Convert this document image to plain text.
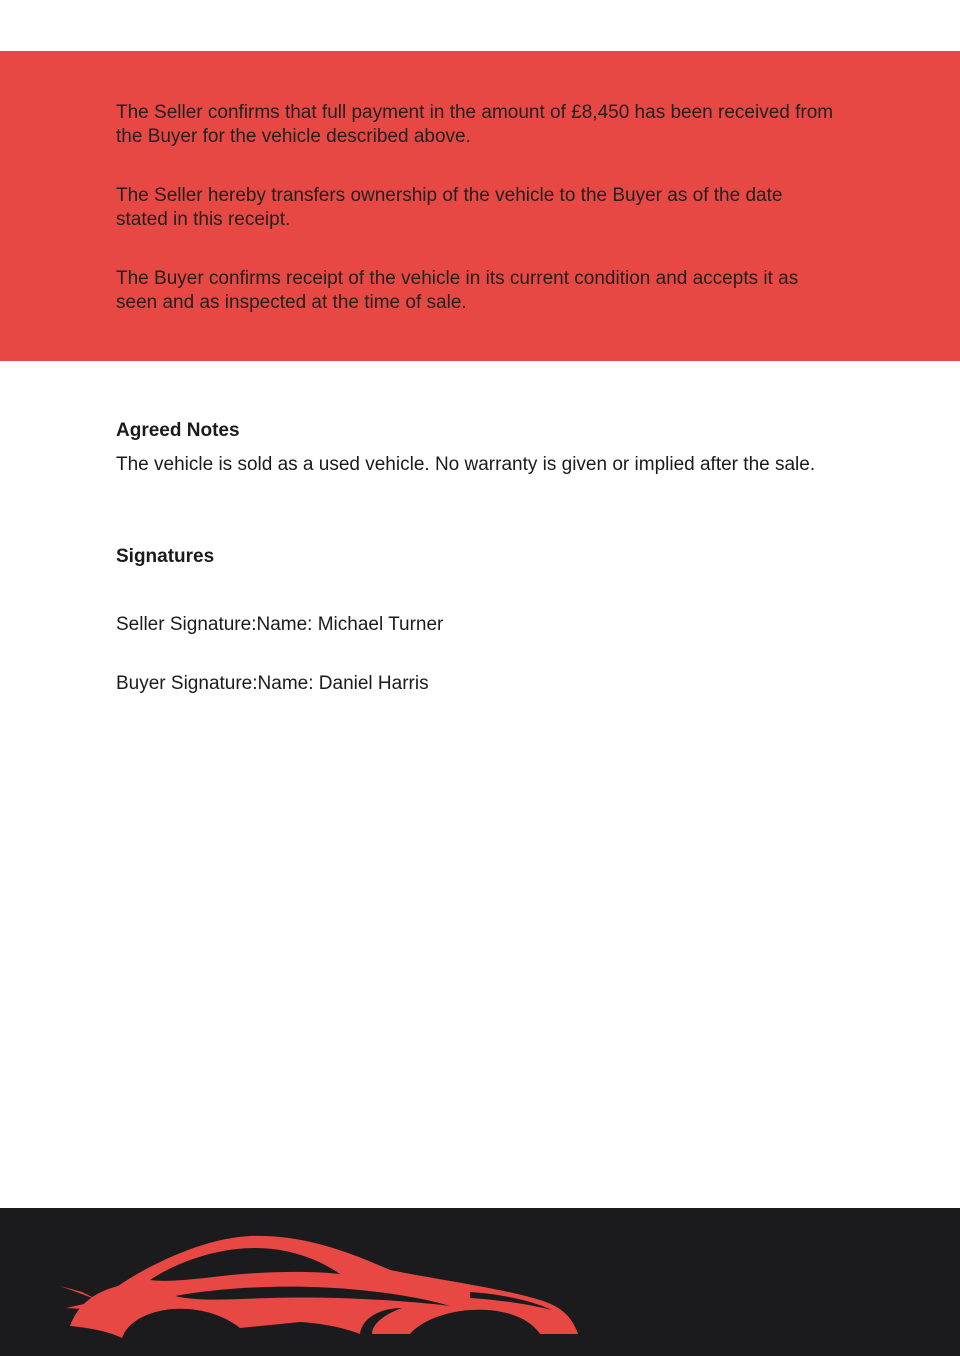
The Seller confirms that full payment in the amount of £8,450 has been received from the Buyer for the vehicle described above.

The Seller hereby transfers ownership of the vehicle to the Buyer as of the date stated in this receipt.

The Buyer confirms receipt of the vehicle in its current condition and accepts it as seen and as inspected at the time of sale.

Agreed Notes
The vehicle is sold as a used vehicle. No warranty is given or implied after the sale.
Signatures
Seller Signature:Name: Michael Turner
Buyer Signature:Name: Daniel Harris
